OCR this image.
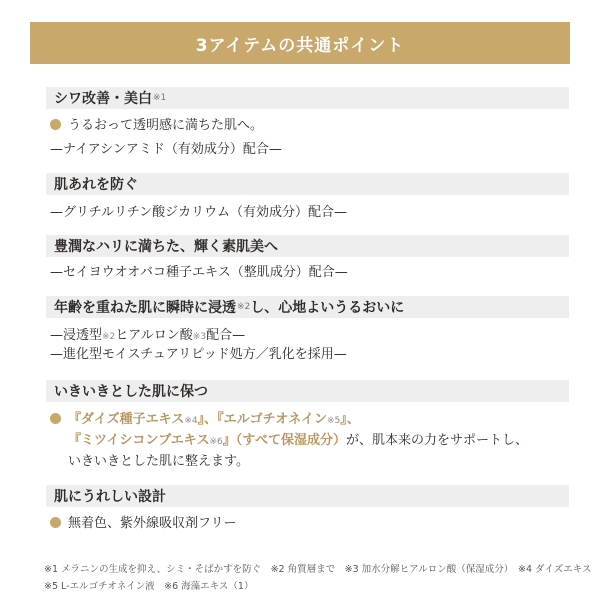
3アイテムの共通ポイント
シワ改善・美白 ※1
うるおって透明感に満ちた肌へ。
—ナイアシンアミド（有効成分）配合—
肌あれを防ぐ
—グリチルリチン酸ジカリウム（有効成分）配合—
豊潤なハリに満ちた、輝く素肌美へ
—セイヨウオオバコ種子エキス（整肌成分）配合—
年齢を重ねた肌に瞬時に浸透 ※2 し、心地よいうるおいに
—浸透型※2ヒアルロン酸※3配合—
—進化型モイスチュアリピッド処方／乳化を採用—
いきいきとした肌に保つ
『ダイズ種子エキス※4』、『エルゴチオネイン※5』、
『ミツイシコンブエキス※6』（すべて保湿成分）が、肌本来の力をサポートし、
いきいきとした肌に整えます。
肌にうれしい設計
無着色、紫外線吸収剤フリー
※1 メラニンの生成を抑え、シミ・そばかすを防ぐ　※2 角質層まで　※3 加水分解ヒアルロン酸（保湿成分）　※4 ダイズエキス
※5 L-エルゴチオネイン液　※6 海藻エキス（1）
